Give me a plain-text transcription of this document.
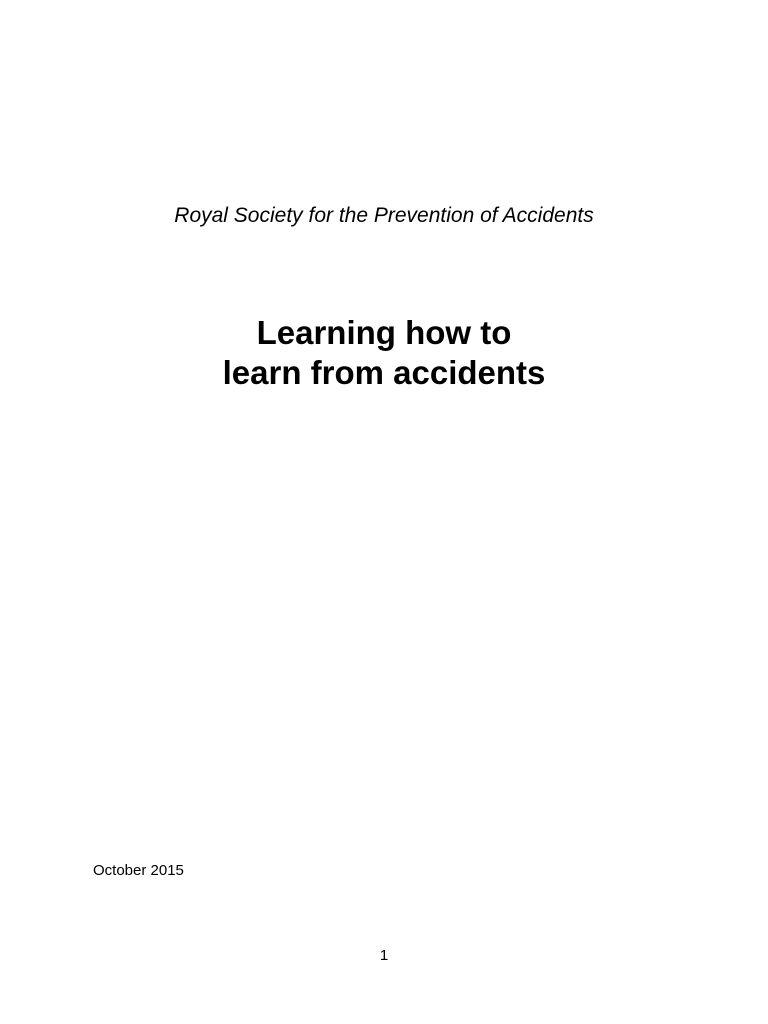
Royal Society for the Prevention of Accidents
Learning how to
learn from accidents
October 2015
1
